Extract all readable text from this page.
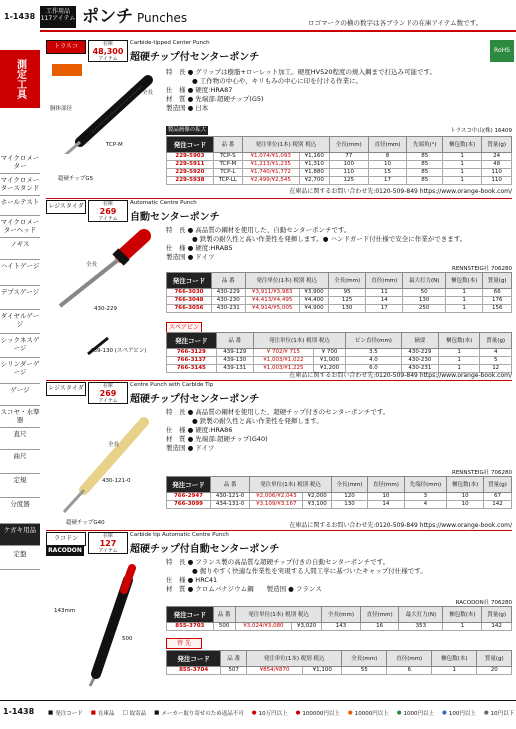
1-1438
工作用品 117アイテム ポンチ Punches	ロゴマークの横の数字は各ブランドの在庫アイテム数です。
RoHS
測定工具
マイクロメーター
マイクロメータースタンド
ホールテスト
マイクロメーターヘッド
ノギス
ハイトゲージ
デプスゲージ
ダイヤルゲージ
シックネスゲージ
シリンダーゲージ
ゲージ
スコヤ・水準器
直尺
曲尺
定規
分度器
ケガキ用品
定盤
トラスコ	在庫
48,300
アイテム
Carbide-tipped Center Punch
超硬チップ付センターポンチ
TCP-M
超硬チップG5
全長
胴体部径
特　長 ● グリップは樹脂+ローレット加工。硬度HV520程度の焼入鋼まで打込み可能です。
　　　　● 工作物の中心や、キリもみの中心に印を付ける作業に。
仕　様 ● 硬度:HRA87
材　質 ● 先端部:超硬チップ(G5)
製造国 ● 日本
製品画像の拡大	トラスコ中山(株) 16409
発注コード	品 番	発注単位(1本) 税別 税込		全長(mm)	直径(mm)	先端角(°)	梱包数(本)	質量(g)
229-5903	TCP-S	¥1,074/¥1,093	¥1,160	77	8	85	1	24
229-5911	TCP-M	¥1,213/¥1,235	¥1,310	100	10	85	1	48
229-5920	TCP-L	¥1,740/¥1,772	¥1,880	110	15	85	1	110
229-5938	TCP-LL	¥2,499/¥2,545	¥2,700	125	17	85	1	110
在庫品に関するお問い合わせ先:0120-509-849 https://www.orange-book.com/
レジスタイダ	在庫
269
アイテム
Automatic Centre Punch
自動センターポンチ
430-229
439-130 (スペアピン)
全長
特　長 ● 高品質の鋼材を使用した、自動センターポンチです。
　　　　● 鉄製の耐久性と高い作業性を発揮します。● ハンドガード付仕様で安全に作業ができます。
仕　様 ● 硬度:HRAB5
製造国 ● ドイツ
RENNSTEIG社 706280
発注コード	品 番	発注単位(1本) 税別 税込		全長(mm)	直径(mm)	最大打力(N)	梱包数(本)	質量(g)
766-3030	430-229	¥3,911/¥3,983	¥3,900	95	11	50	1	66
766-3048	430-230	¥4,413/¥4,495	¥4,400	125	14	130	1	176
766-3056	430-231	¥4,914/¥5,005	¥4,900	130	17	250	1	156
スペアピン
発注コード	品 番	発注単位(1本) 税別 税込		ピン直径(mm)	摘要	梱包数(本)	質量(g)
766-3129	439-129	¥ 702/¥ 715	¥ 700	3.5	430-229	1	4
766-3137	439-130	¥1,003/¥1,022	¥1,000	4.0	430-230	1	5
766-3145	439-131	¥1,003/¥1,225	¥1,200	6.0	430-231	1	12
在庫品に関するお問い合わせ先:0120-509-849 https://www.orange-book.com/
レジスタイダ	在庫
269
アイテム
Centre Punch with Carbide Tip
超硬チップ付センターポンチ
430-121-0
超硬チップG40
全長
特　長 ● 高品質の鋼材を使用した、超硬チップ付きのセンターポンチです。
　　　　● 鉄製の耐久性と高い作業性を発揮します。
仕　様 ● 硬度:HRA86
材　質 ● 先端部:超硬チップ(G40)
製造国 ● ドイツ
RENNSTEIG社 706280
発注コード	品 番	発注単位(1本) 税別 税込		全長(mm)	直径(mm)	先端径(mm)	梱包数(本)	質量(g)
766-2947	430-121-0	¥2,006/¥2,043	¥2,000	120	10	3	10	67
766-3099	434-131-0	¥3,109/¥3,167	¥3,100	130	14	4	10	142
在庫品に関するお問い合わせ先:0120-509-849 https://www.orange-book.com/
ラコドン
RACODON
在庫
127
アイテム
Carbide tip Automatic Centre Punch
超硬チップ付自動センターポンチ
143mm
500
特　長 ● フランス製の高品質な超硬チップ付きの自動センターポンチです。
　　　　● 握りやすく快適な作業性を実現する人間工学に基づいたキャップ付仕様です。
仕　様 ● HRC41
材　質 ● クロムバナジウム鋼　　製造国 ● フランス
RACODON社 706280
発注コード	品 番	発注単位(1本) 税別 税込		全長(mm)	直径(mm)	最大打力(N)	梱包数(本)	質量(g)
855-3703	500	¥3,024/¥3,080	¥3,020	143	16	353	1	142
替 先
発注コード	品 番	発注単位(1本) 税別 税込		全長(mm)	直径(mm)	梱包数(本)	質量(g)
855-3704	507	¥854/¥870	¥1,100	55	6	1	20
1-1438	■ 発注コード ■ 在庫品 □ 取寄品 ■ メーカー取り寄せのため返品不可 ● 10万円以上 ● 100000円以上 ● 10000円以上 ● 1000円以上 ● 100円以上 ● 10円以下
